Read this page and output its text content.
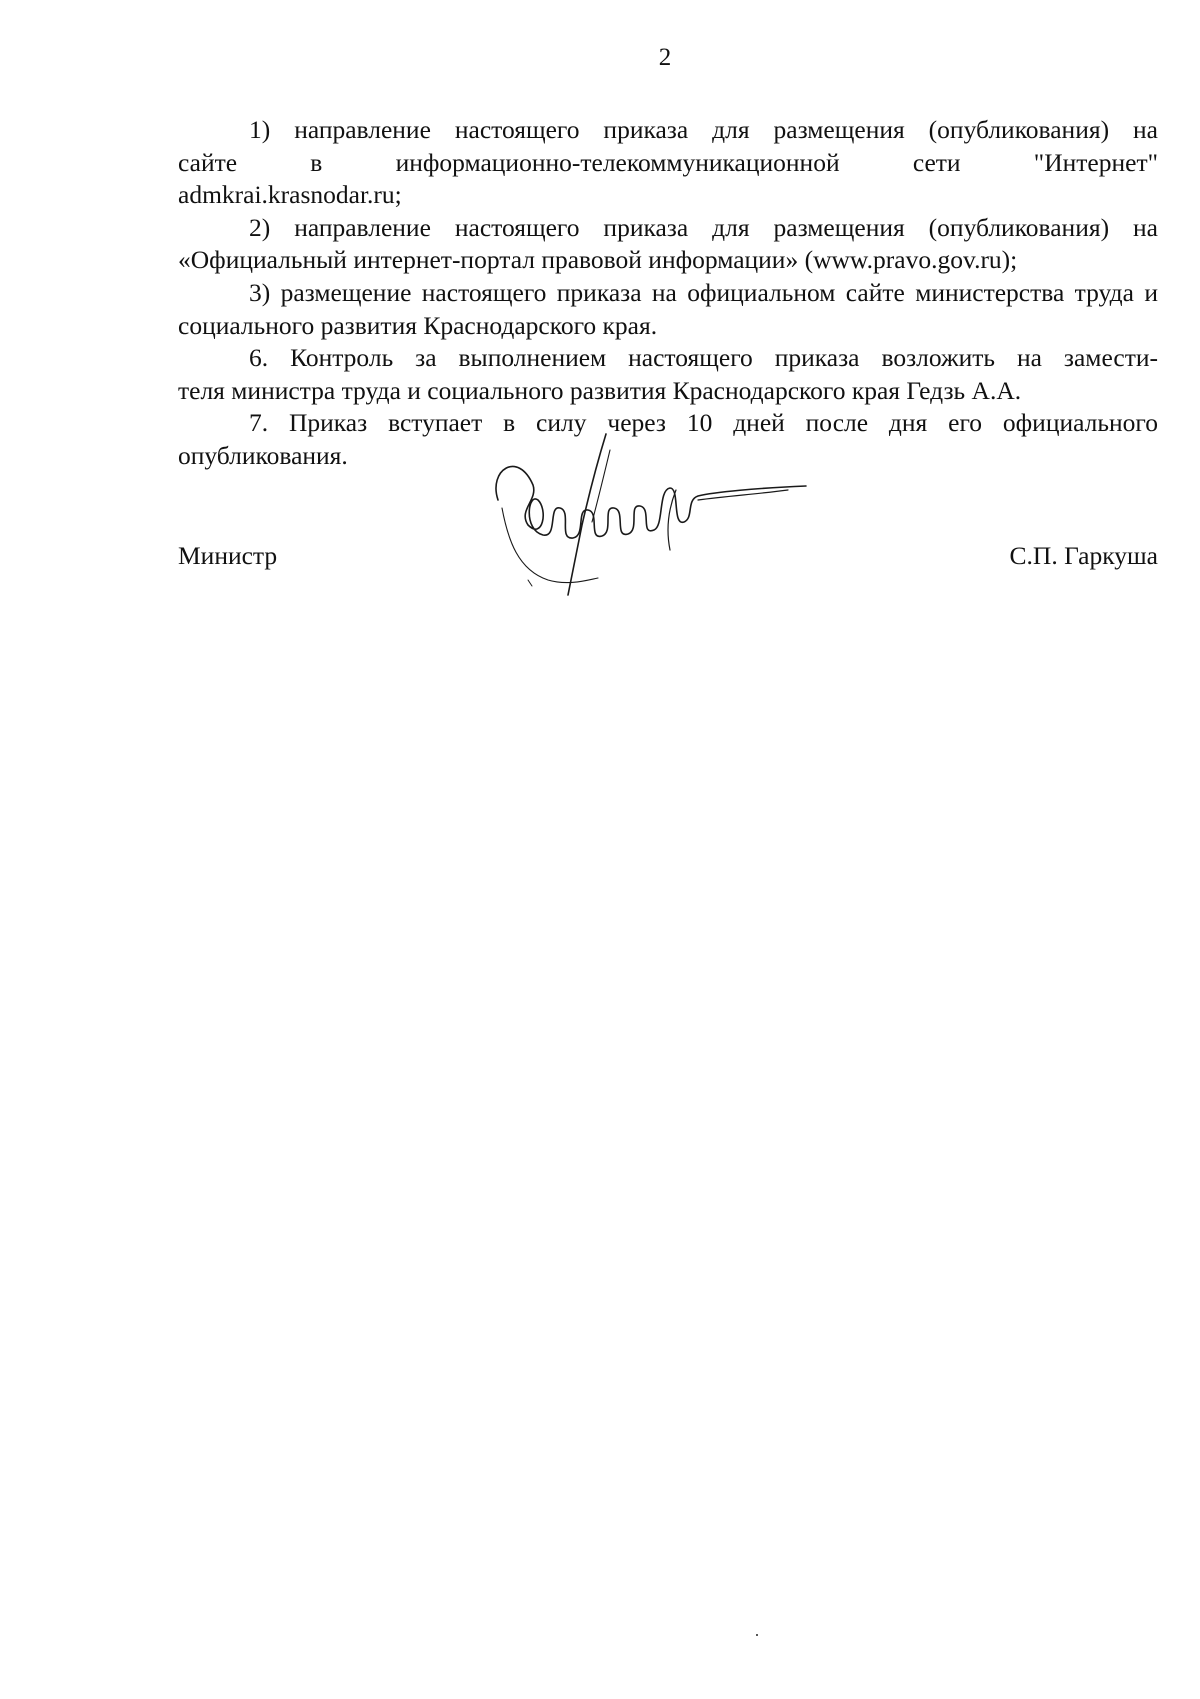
2

1) направление настоящего приказа для размещения (опубликования) на

сайте в информационно-телекоммуникационной сети "Интернет"

admkrai.krasnodar.ru;

2) направление настоящего приказа для размещения (опубликования) на «Официальный интернет-портал правовой информации» (www.pravo.gov.ru);

3) размещение настоящего приказа на официальном сайте министерства труда и социального развития Краснодарского края.

6. Контроль за выполнением настоящего приказа возложить на замести-

теля министра труда и социального развития Краснодарского края Гедзь А.А.

7. Приказ вступает в силу через 10 дней после дня его официального опубликования.

Министр	С.П. Гаркуша
